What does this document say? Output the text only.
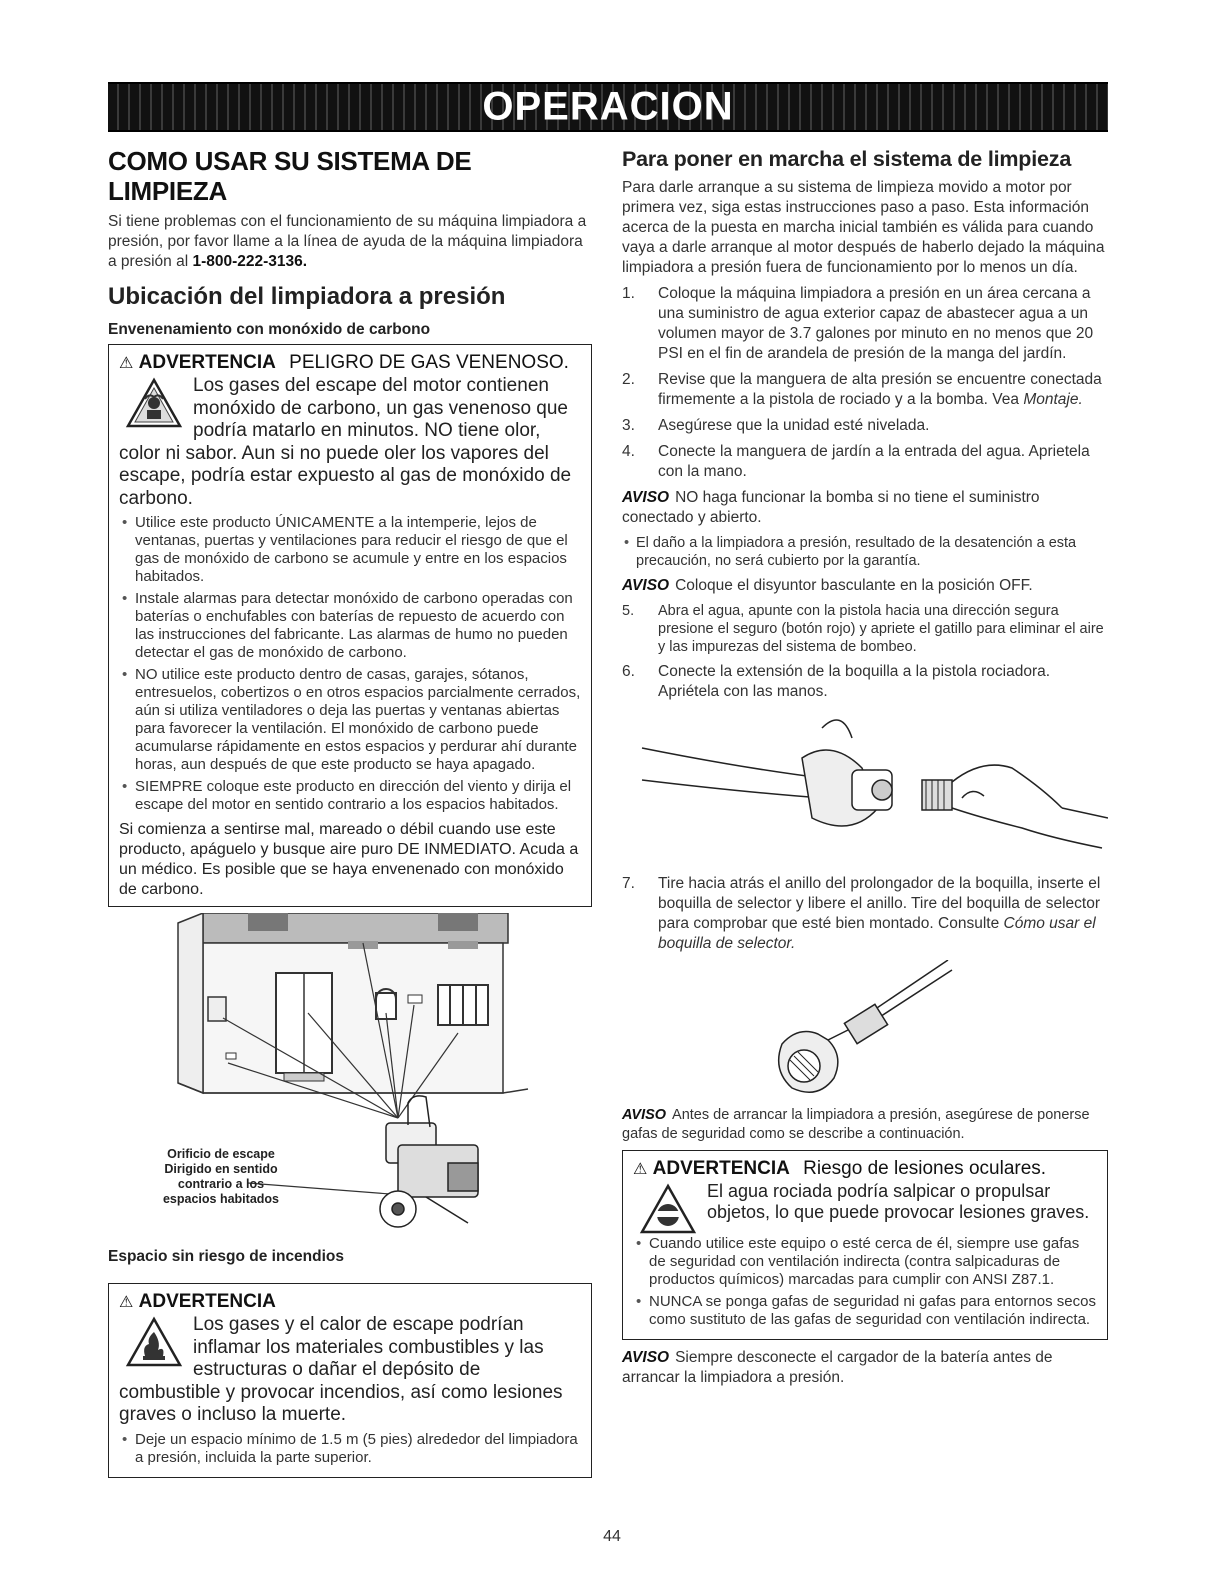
OPERACION
COMO USAR SU SISTEMA DE LIMPIEZA

Si tiene problemas con el funcionamiento de su máquina limpiadora a presión, por favor llame a la línea de ayuda de la máquina limpiadora a presión al 1-800-222-3136.

Ubicación del limpiadora a presión
Envenenamiento con monóxido de carbono
⚠ ADVERTENCIA PELIGRO DE GAS VENENOSO.

Los gases del escape del motor contienen monóxido de carbono, un gas venenoso que podría matarlo en minutos. NO tiene olor, color ni sabor. Aun si no puede oler los vapores del escape, podría estar expuesto al gas de monóxido de carbono.

• Utilice este producto ÚNICAMENTE a la intemperie, lejos de ventanas, puertas y ventilaciones para reducir el riesgo de que el gas de monóxido de carbono se acumule y entre en los espacios habitados.
• Instale alarmas para detectar monóxido de carbono operadas con baterías o enchufables con baterías de repuesto de acuerdo con las instrucciones del fabricante. Las alarmas de humo no pueden detectar el gas de monóxido de carbono.
• NO utilice este producto dentro de casas, garajes, sótanos, entresuelos, cobertizos o en otros espacios parcialmente cerrados, aún si utiliza ventiladores o deja las puertas y ventanas abiertas para favorecer la ventilación. El monóxido de carbono puede acumularse rápidamente en estos espacios y perdurar ahí durante horas, aun después de que este producto se haya apagado.
• SIEMPRE coloque este producto en dirección del viento y dirija el escape del motor en sentido contrario a los espacios habitados.

Si comienza a sentirse mal, mareado o débil cuando use este producto, apáguelo y busque aire puro DE INMEDIATO. Acuda a un médico. Es posible que se haya envenenado con monóxido de carbono.

Orificio de escape
Dirigido en sentido
contrario a los
espacios habitados
Espacio sin riesgo de incendios
⚠ ADVERTENCIA

Los gases y el calor de escape podrían inflamar los materiales combustibles y las estructuras o dañar el depósito de combustible y provocar incendios, así como lesiones graves o incluso la muerte.

• Deje un espacio mínimo de 1.5 m (5 pies) alrededor del limpiadora a presión, incluida la parte superior.
Para poner en marcha el sistema de limpieza

Para darle arranque a su sistema de limpieza movido a motor por primera vez, siga estas instrucciones paso a paso. Esta información acerca de la puesta en marcha inicial también es válida para cuando vaya a darle arranque al motor después de haberlo dejado la máquina limpiadora a presión fuera de funcionamiento por lo menos un día.

1. Coloque la máquina limpiadora a presión en un área cercana a una suministro de agua exterior capaz de abastecer agua a un volumen mayor de 3.7 galones por minuto en no menos que 20 PSI en el fin de arandela de presión de la manga del jardín.
2. Revise que la manguera de alta presión se encuentre conectada firmemente a la pistola de rociado y a la bomba. Vea Montaje.
3. Asegúrese que la unidad esté nivelada.
4. Conecte la manguera de jardín a la entrada del agua. Aprietela con la mano.

AVISO NO haga funcionar la bomba si no tiene el suministro conectado y abierto.

• El daño a la limpiadora a presión, resultado de la desatención a esta precaución, no será cubierto por la garantía.

AVISO Coloque el disyuntor basculante en la posición OFF.

5. Abra el agua, apunte con la pistola hacia una dirección segura presione el seguro (botón rojo) y apriete el gatillo para eliminar el aire y las impurezas del sistema de bombeo.
6. Conecte la extensión de la boquilla a la pistola rociadora. Apriétela con las manos.
7. Tire hacia atrás el anillo del prolongador de la boquilla, inserte el boquilla de selector y libere el anillo. Tire del boquilla de selector para comprobar que esté bien montado. Consulte Cómo usar el boquilla de selector.

AVISO Antes de arrancar la limpiadora a presión, asegúrese de ponerse gafas de seguridad como se describe a continuación.

⚠ ADVERTENCIA Riesgo de lesiones oculares.

El agua rociada podría salpicar o propulsar objetos, lo que puede provocar lesiones graves.

• Cuando utilice este equipo o esté cerca de él, siempre use gafas de seguridad con ventilación indirecta (contra salpicaduras de productos químicos) marcadas para cumplir con ANSI Z87.1.
• NUNCA se ponga gafas de seguridad ni gafas para entornos secos como sustituto de las gafas de seguridad con ventilación indirecta.

AVISO Siempre desconecte el cargador de la batería antes de arrancar la limpiadora a presión.

44
